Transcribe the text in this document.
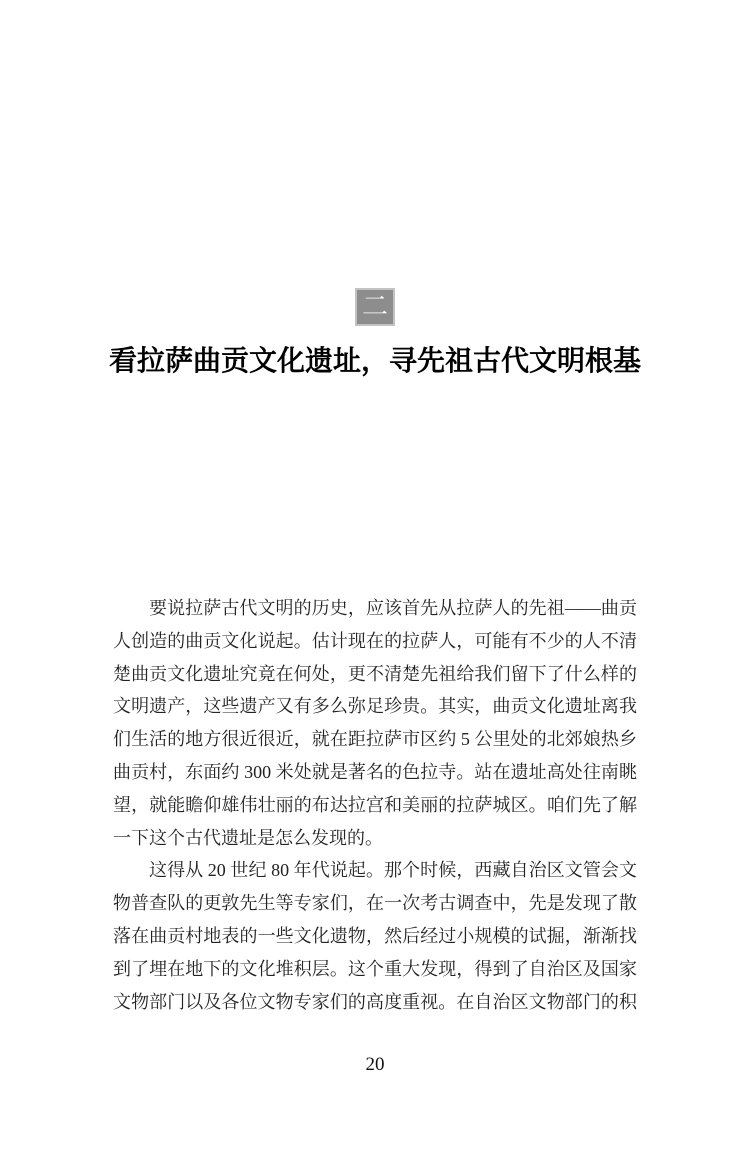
二
看拉萨曲贡文化遗址，寻先祖古代文明根基
要说拉萨古代文明的历史，应该首先从拉萨人的先祖——曲贡
人创造的曲贡文化说起。估计现在的拉萨人，可能有不少的人不清
楚曲贡文化遗址究竟在何处，更不清楚先祖给我们留下了什么样的
文明遗产，这些遗产又有多么弥足珍贵。其实，曲贡文化遗址离我
们生活的地方很近很近，就在距拉萨市区约 5 公里处的北郊娘热乡
曲贡村，东面约 300 米处就是著名的色拉寺。站在遗址高处往南眺
望，就能瞻仰雄伟壮丽的布达拉宫和美丽的拉萨城区。咱们先了解
一下这个古代遗址是怎么发现的。
这得从 20 世纪 80 年代说起。那个时候，西藏自治区文管会文
物普查队的更敦先生等专家们，在一次考古调查中，先是发现了散
落在曲贡村地表的一些文化遗物，然后经过小规模的试掘，渐渐找
到了埋在地下的文化堆积层。这个重大发现，得到了自治区及国家
文物部门以及各位文物专家们的高度重视。在自治区文物部门的积
20
